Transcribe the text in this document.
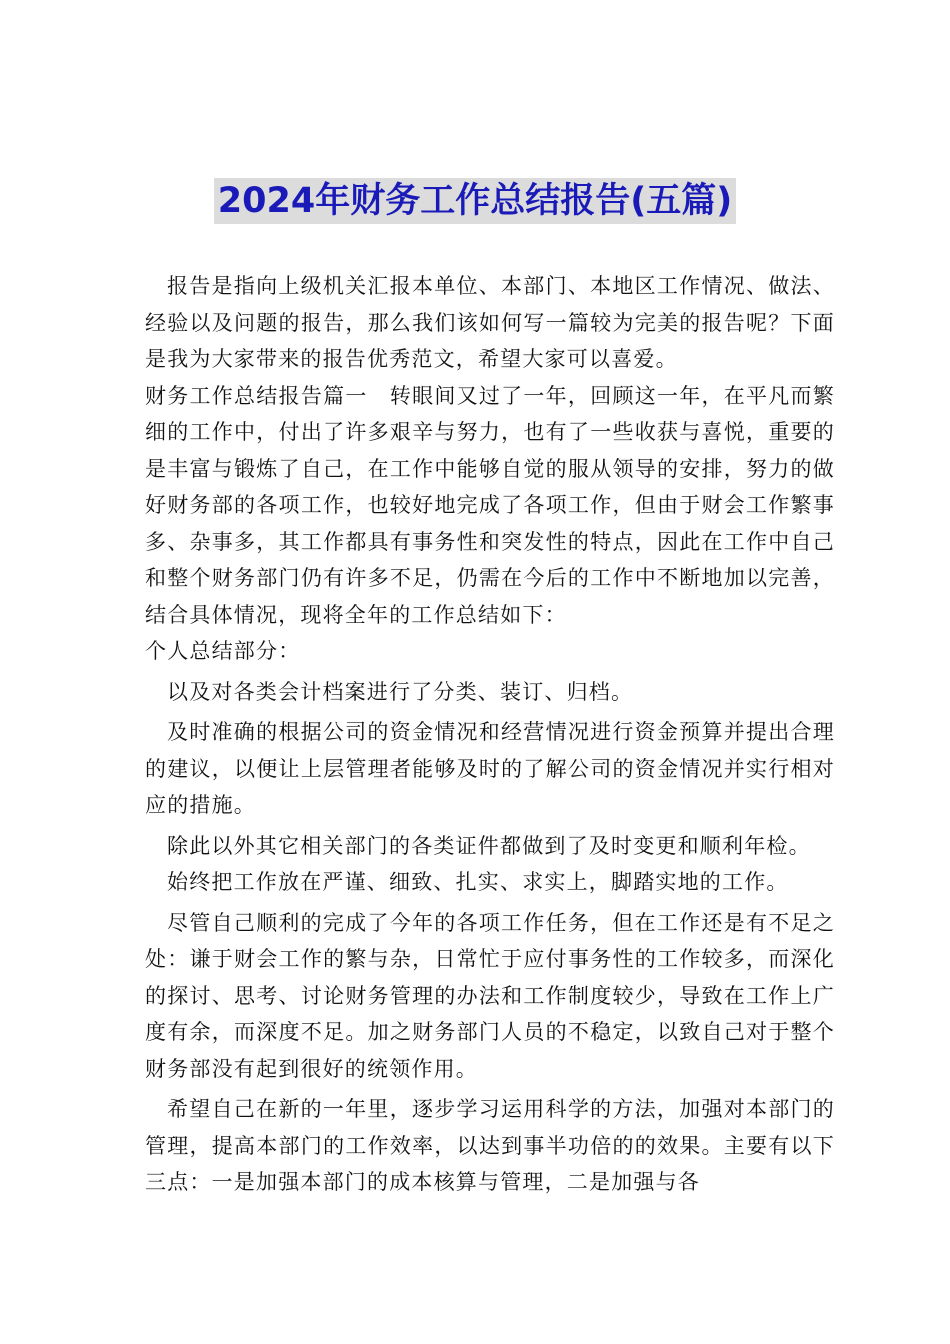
2024年财务工作总结报告(五篇)

报告是指向上级机关汇报本单位、本部门、本地区工作情况、做法、经验以及问题的报告，那么我们该如何写一篇较为完美的报告呢？下面是我为大家带来的报告优秀范文，希望大家可以喜爱。

财务工作总结报告篇一　转眼间又过了一年，回顾这一年，在平凡而繁细的工作中，付出了许多艰辛与努力，也有了一些收获与喜悦，重要的是丰富与锻炼了自己，在工作中能够自觉的服从领导的安排，努力的做好财务部的各项工作，也较好地完成了各项工作，但由于财会工作繁事多、杂事多，其工作都具有事务性和突发性的特点，因此在工作中自己和整个财务部门仍有许多不足，仍需在今后的工作中不断地加以完善，结合具体情况，现将全年的工作总结如下：

个人总结部分：

以及对各类会计档案进行了分类、装订、归档。

及时准确的根据公司的资金情况和经营情况进行资金预算并提出合理的建议，以便让上层管理者能够及时的了解公司的资金情况并实行相对应的措施。

除此以外其它相关部门的各类证件都做到了及时变更和顺利年检。

始终把工作放在严谨、细致、扎实、求实上，脚踏实地的工作。

尽管自己顺利的完成了今年的各项工作任务，但在工作还是有不足之处：谦于财会工作的繁与杂，日常忙于应付事务性的工作较多，而深化的探讨、思考、讨论财务管理的办法和工作制度较少，导致在工作上广度有余，而深度不足。加之财务部门人员的不稳定，以致自己对于整个财务部没有起到很好的统领作用。

希望自己在新的一年里，逐步学习运用科学的方法，加强对本部门的管理，提高本部门的工作效率，以达到事半功倍的的效果。主要有以下三点：一是加强本部门的成本核算与管理，二是加强与各
